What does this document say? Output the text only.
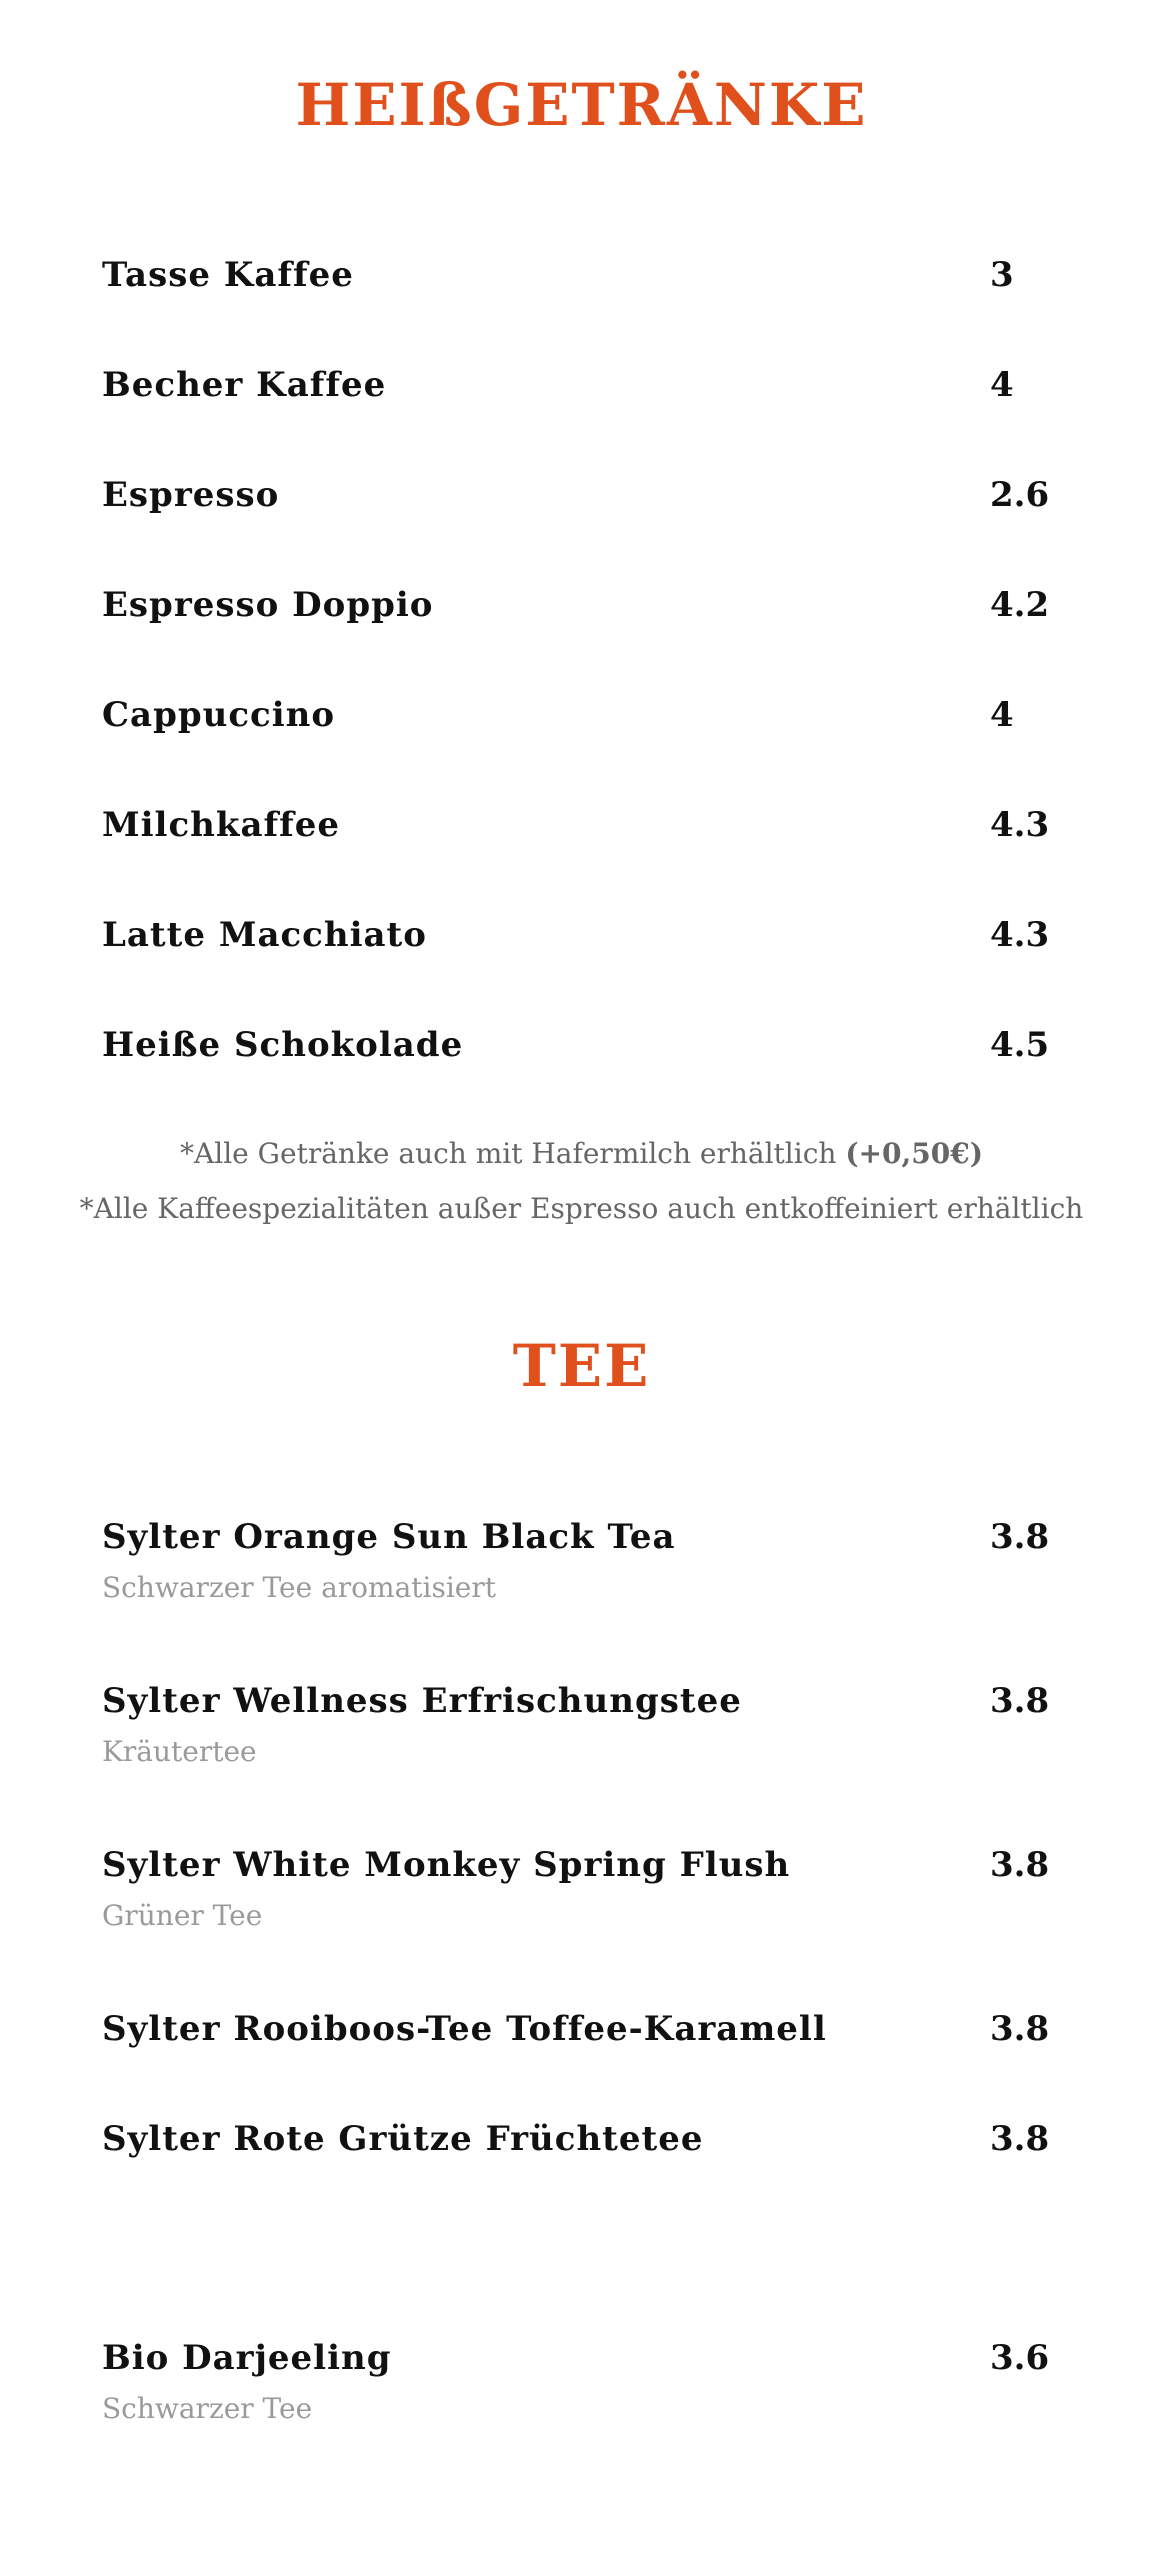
HEIßGETRÄNKE
Tasse Kaffee	3
Becher Kaffee	4
Espresso	2.6
Espresso Doppio	4.2
Cappuccino	4
Milchkaffee	4.3
Latte Macchiato	4.3
Heiße Schokolade	4.5
*Alle Getränke auch mit Hafermilch erhältlich (+0,50€)
*Alle Kaffeespezialitäten außer Espresso auch entkoffeiniert erhältlich
TEE
Sylter Orange Sun Black Tea	3.8
Schwarzer Tee aromatisiert
Sylter Wellness Erfrischungstee	3.8
Kräutertee
Sylter White Monkey Spring Flush	3.8
Grüner Tee
Sylter Rooiboos-Tee Toffee-Karamell	3.8
Sylter Rote Grütze Früchtetee	3.8
Bio Darjeeling	3.6
Schwarzer Tee
